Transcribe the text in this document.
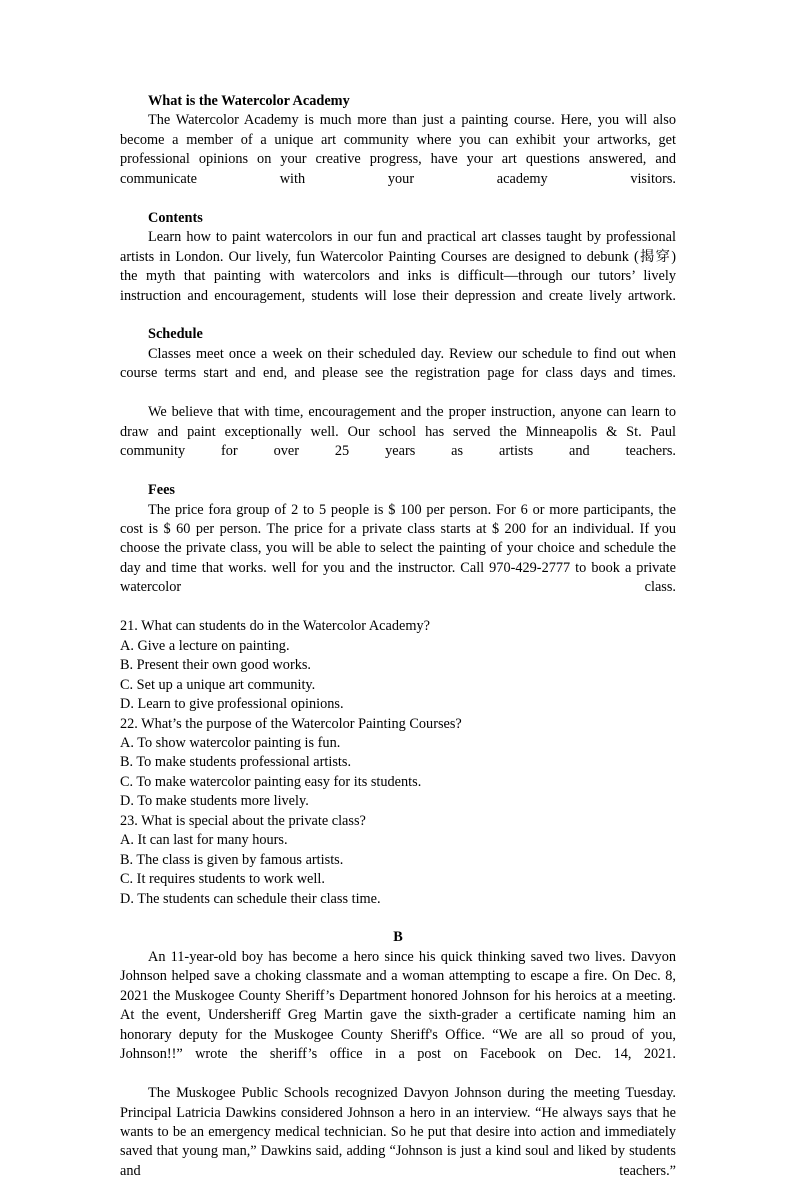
What is the Watercolor Academy

The Watercolor Academy is much more than just a painting course. Here, you will also become a member of a unique art community where you can exhibit your artworks, get professional opinions on your creative progress, have your art questions answered, and communicate with your academy visitors.

Contents

Learn how to paint watercolors in our fun and practical art classes taught by professional artists in London. Our lively, fun Watercolor Painting Courses are designed to debunk (揭穿) the myth that painting with watercolors and inks is difficult—through our tutors’ lively instruction and encouragement, students will lose their depression and create lively artwork.

Schedule

Classes meet once a week on their scheduled day. Review our schedule to find out when course terms start and end, and please see the registration page for class days and times.

We believe that with time, encouragement and the proper instruction, anyone can learn to draw and paint exceptionally well. Our school has served the Minneapolis & St. Paul community for over 25 years as artists and teachers.

Fees

The price fora group of 2 to 5 people is $ 100 per person. For 6 or more participants, the cost is $ 60 per person. The price for a private class starts at $ 200 for an individual. If you choose the private class, you will be able to select the painting of your choice and schedule the day and time that works. well for you and the instructor. Call 970-429-2777 to book a private watercolor class.

21. What can students do in the Watercolor Academy?

A. Give a lecture on painting.

B. Present their own good works.

C. Set up a unique art community.

D. Learn to give professional opinions.

22. What’s the purpose of the Watercolor Painting Courses?

A. To show watercolor painting is fun.

B. To make students professional artists.

C. To make watercolor painting easy for its students.

D. To make students more lively.

23. What is special about the private class?

A. It can last for many hours.

B. The class is given by famous artists.

C. It requires students to work well.

D. The students can schedule their class time.

B

An 11-year-old boy has become a hero since his quick thinking saved two lives. Davyon Johnson helped save a choking classmate and a woman attempting to escape a fire. On Dec. 8, 2021 the Muskogee County Sheriff’s Department honored Johnson for his heroics at a meeting. At the event, Undersheriff Greg Martin gave the sixth-grader a certificate naming him an honorary deputy for the Muskogee County Sheriff's Office. “We are all so proud of you, Johnson!!” wrote the sheriff’s office in a post on Facebook on Dec. 14, 2021.

The Muskogee Public Schools recognized Davyon Johnson during the meeting Tuesday. Principal Latricia Dawkins considered Johnson a hero in an interview. “He always says that he wants to be an emergency medical technician. So he put that desire into action and immediately saved that young man,” Dawkins said, adding “Johnson is just a kind soul and liked by students and teachers.”
